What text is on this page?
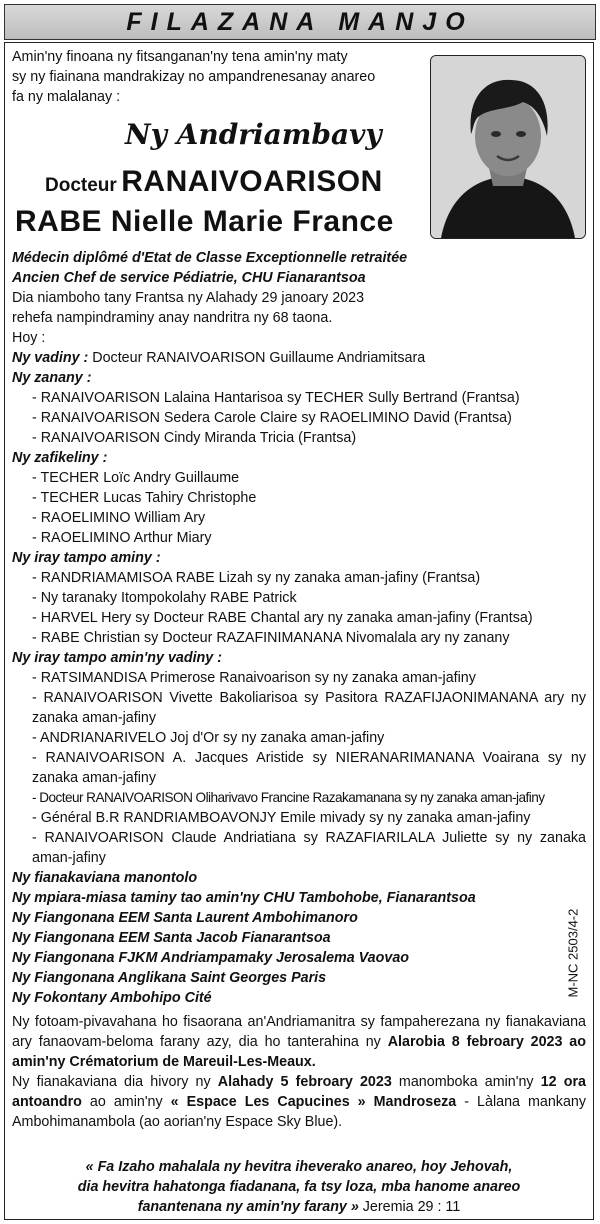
FILAZANA MANJO
Amin'ny finoana ny fitsanganan'ny tena amin'ny maty
sy ny fiainana mandrakizay no ampandrenesanay anareo
fa ny malalanay :
Ny Andriambavy
Docteur RANAIVOARISON
RABE Nielle Marie France
Médecin diplômé d'Etat de Classe Exceptionnelle retraitée
Ancien Chef de service Pédiatrie, CHU Fianarantsoa
Dia niamboho tany Frantsa ny Alahady 29 janoary 2023
rehefa nampindraminy anay nandritra ny 68 taona.
Hoy :
Ny vadiny : Docteur RANAIVOARISON Guillaume Andriamitsara
Ny zanany :
- RANAIVOARISON Lalaina Hantarisoa sy TECHER Sully Bertrand (Frantsa)
- RANAIVOARISON Sedera Carole Claire sy RAOELIMINO David (Frantsa)
- RANAIVOARISON Cindy Miranda Tricia (Frantsa)
Ny zafikeliny :
- TECHER Loïc Andry Guillaume
- TECHER Lucas Tahiry Christophe
- RAOELIMINO William Ary
- RAOELIMINO Arthur Miary
Ny iray tampo aminy :
- RANDRIAMAMISOA RABE Lizah sy ny zanaka aman-jafiny (Frantsa)
- Ny taranaky Itompokolahy RABE Patrick
- HARVEL Hery sy Docteur RABE Chantal ary ny zanaka aman-jafiny (Frantsa)
- RABE Christian sy Docteur RAZAFINIMANANA Nivomalala ary ny zanany
Ny iray tampo amin'ny vadiny :
- RATSIMANDISA Primerose Ranaivoarison sy ny zanaka aman-jafiny
- RANAIVOARISON Vivette Bakoliarisoa sy Pasitora RAZAFIJAONIMANANA ary ny zanaka aman-jafiny
- ANDRIANARIVELO Joj d'Or sy ny zanaka aman-jafiny
- RANAIVOARISON A. Jacques Aristide sy NIERANARIMANANA Voairana sy ny zanaka aman-jafiny
- Docteur RANAIVOARISON Oliharivavo Francine Razakamanana sy ny zanaka aman-jafiny
- Général B.R RANDRIAMBOAVONJY Emile mivady sy ny zanaka aman-jafiny
- RANAIVOARISON Claude Andriatiana sy RAZAFIARILALA Juliette sy ny zanaka aman-jafiny
Ny fianakaviana manontolo
Ny mpiara-miasa taminy tao amin'ny CHU Tambohobe, Fianarantsoa
Ny Fiangonana EEM Santa Laurent Ambohimanoro
Ny Fiangonana EEM Santa Jacob Fianarantsoa
Ny Fiangonana FJKM Andriampamaky Jerosalema Vaovao
Ny Fiangonana Anglikana Saint Georges Paris
Ny Fokontany Ambohipo Cité
Ny fotoam-pivavahana ho fisaorana an'Andriamanitra sy fampaherezana ny fianakaviana ary fanaovam-beloma farany azy, dia ho tanterahina ny Alarobia 8 febroary 2023 ao amin'ny Crématorium de Mareuil-Les-Meaux.
Ny fianakaviana dia hivory ny Alahady 5 febroary 2023 manomboka amin'ny 12 ora antoandro ao amin'ny « Espace Les Capucines » Mandroseza - Làlana mankany Ambohimanambola (ao aorian'ny Espace Sky Blue).
M-NC 2503/4-2
« Fa Izaho mahalala ny hevitra iheverako anareo, hoy Jehovah,
dia hevitra hahatonga fiadanana, fa tsy loza, mba hanome anareo
fanantenana ny amin'ny farany » Jeremia 29 : 11
